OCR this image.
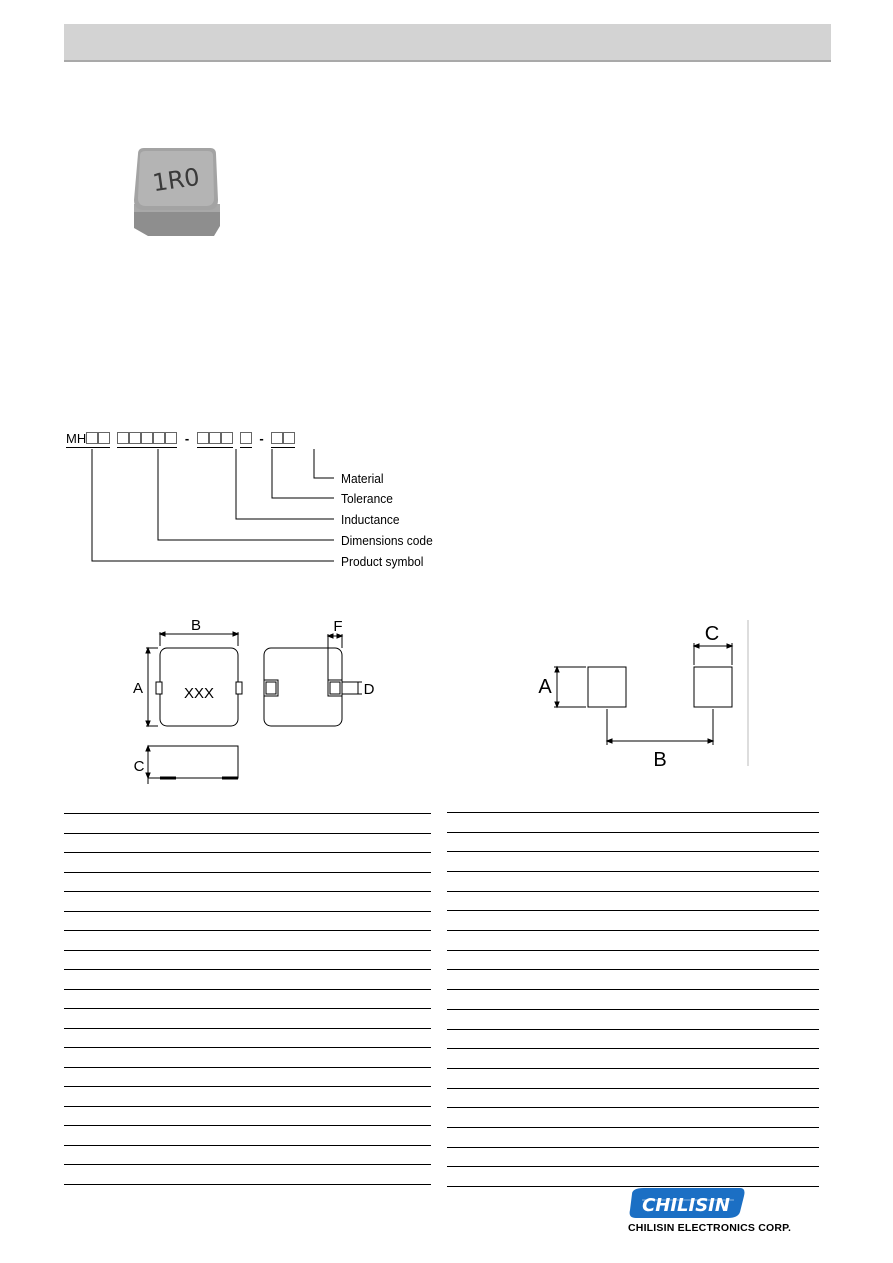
1R0
MH	-	-
Material
Tolerance
Inductance
Dimensions code
Product symbol
XXX
B
A
F
D
C
A
C
B
CHILISIN
CHILISIN ELECTRONICS CORP.
